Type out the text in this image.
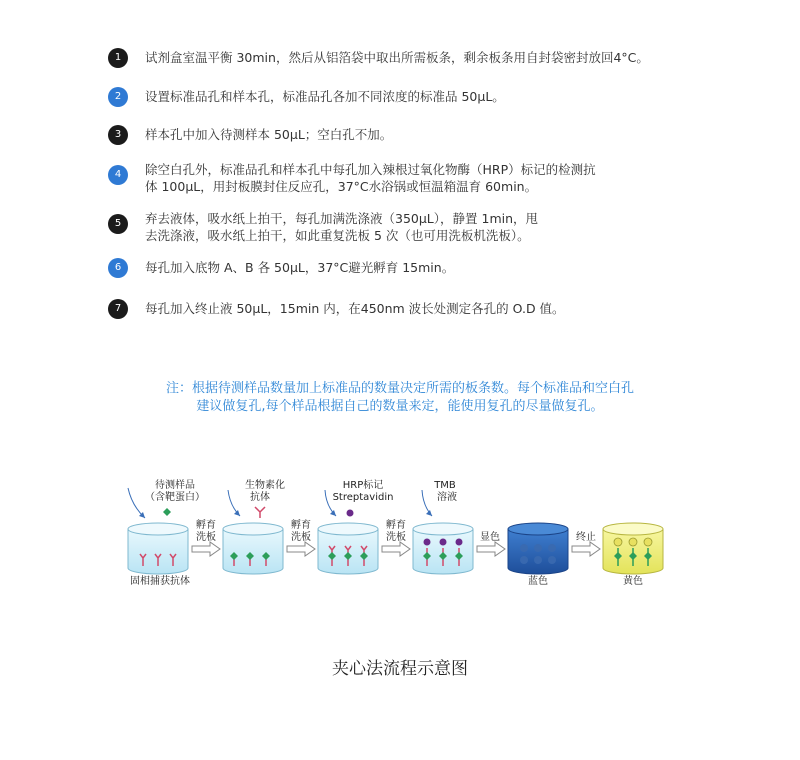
1	试剂盒室温平衡 30min，然后从铝箔袋中取出所需板条，剩余板条用自封袋密封放回4°C。
2	设置标准品孔和样本孔，标准品孔各加不同浓度的标准品 50μL。
3	样本孔中加入待测样本 50μL；空白孔不加。
4	除空白孔外，标准品孔和样本孔中每孔加入辣根过氧化物酶（HRP）标记的检测抗
体 100μL，用封板膜封住反应孔，37°C水浴锅或恒温箱温育 60min。
5	弃去液体，吸水纸上拍干，每孔加满洗涤液（350μL），静置 1min，甩
去洗涤液，吸水纸上拍干，如此重复洗板 5 次（也可用洗板机洗板）。
6	每孔加入底物 A、B 各 50μL，37°C避光孵育 15min。
7	每孔加入终止液 50μL，15min 内，在450nm 波长处测定各孔的 O.D 值。
注：根据待测样品数量加上标准品的数量决定所需的板条数。每个标准品和空白孔
建议做复孔,每个样品根据自己的数量来定，能使用复孔的尽量做复孔。
待测样品
（含靶蛋白）
生物素化
抗体
HRP标记
Streptavidin
TMB
溶液
孵育
洗板
孵育
洗板
孵育
洗板	显色	终止
固相捕获抗体	蓝色	黄色
夹心法流程示意图
